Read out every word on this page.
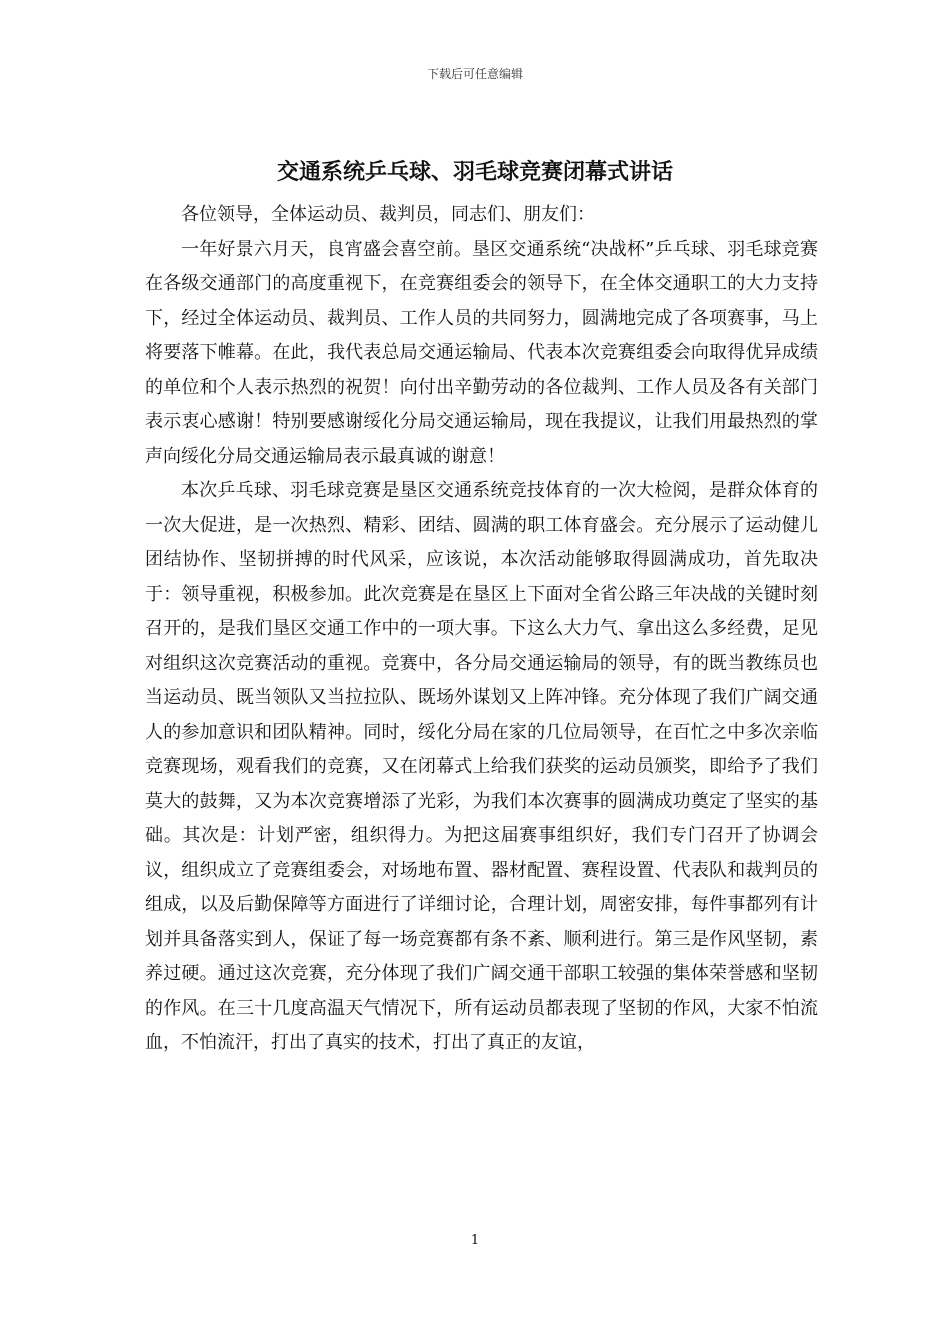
下载后可任意编辑
交通系统乒乓球、羽毛球竞赛闭幕式讲话

各位领导，全体运动员、裁判员，同志们、朋友们：

一年好景六月天，良宵盛会喜空前。垦区交通系统“决战杯”乒乓球、羽毛球竞赛在各级交通部门的高度重视下，在竞赛组委会的领导下，在全体交通职工的大力支持下，经过全体运动员、裁判员、工作人员的共同努力，圆满地完成了各项赛事，马上将要落下帷幕。在此，我代表总局交通运输局、代表本次竞赛组委会向取得优异成绩的单位和个人表示热烈的祝贺！向付出辛勤劳动的各位裁判、工作人员及各有关部门表示衷心感谢！特别要感谢绥化分局交通运输局，现在我提议，让我们用最热烈的掌声向绥化分局交通运输局表示最真诚的谢意！

本次乒乓球、羽毛球竞赛是垦区交通系统竞技体育的一次大检阅，是群众体育的一次大促进，是一次热烈、精彩、团结、圆满的职工体育盛会。充分展示了运动健儿团结协作、坚韧拼搏的时代风采，应该说，本次活动能够取得圆满成功，首先取决于：领导重视，积极参加。此次竞赛是在垦区上下面对全省公路三年决战的关键时刻召开的，是我们垦区交通工作中的一项大事。下这么大力气、拿出这么多经费，足见对组织这次竞赛活动的重视。竞赛中，各分局交通运输局的领导，有的既当教练员也当运动员、既当领队又当拉拉队、既场外谋划又上阵冲锋。充分体现了我们广阔交通人的参加意识和团队精神。同时，绥化分局在家的几位局领导，在百忙之中多次亲临竞赛现场，观看我们的竞赛，又在闭幕式上给我们获奖的运动员颁奖，即给予了我们莫大的鼓舞，又为本次竞赛增添了光彩，为我们本次赛事的圆满成功奠定了坚实的基础。其次是：计划严密，组织得力。为把这届赛事组织好，我们专门召开了协调会议，组织成立了竞赛组委会，对场地布置、器材配置、赛程设置、代表队和裁判员的组成，以及后勤保障等方面进行了详细讨论，合理计划，周密安排，每件事都列有计划并具备落实到人，保证了每一场竞赛都有条不紊、顺利进行。第三是作风坚韧，素养过硬。通过这次竞赛，充分体现了我们广阔交通干部职工较强的集体荣誉感和坚韧的作风。在三十几度高温天气情况下，所有运动员都表现了坚韧的作风，大家不怕流血，不怕流汗，打出了真实的技术，打出了真正的友谊，

1
